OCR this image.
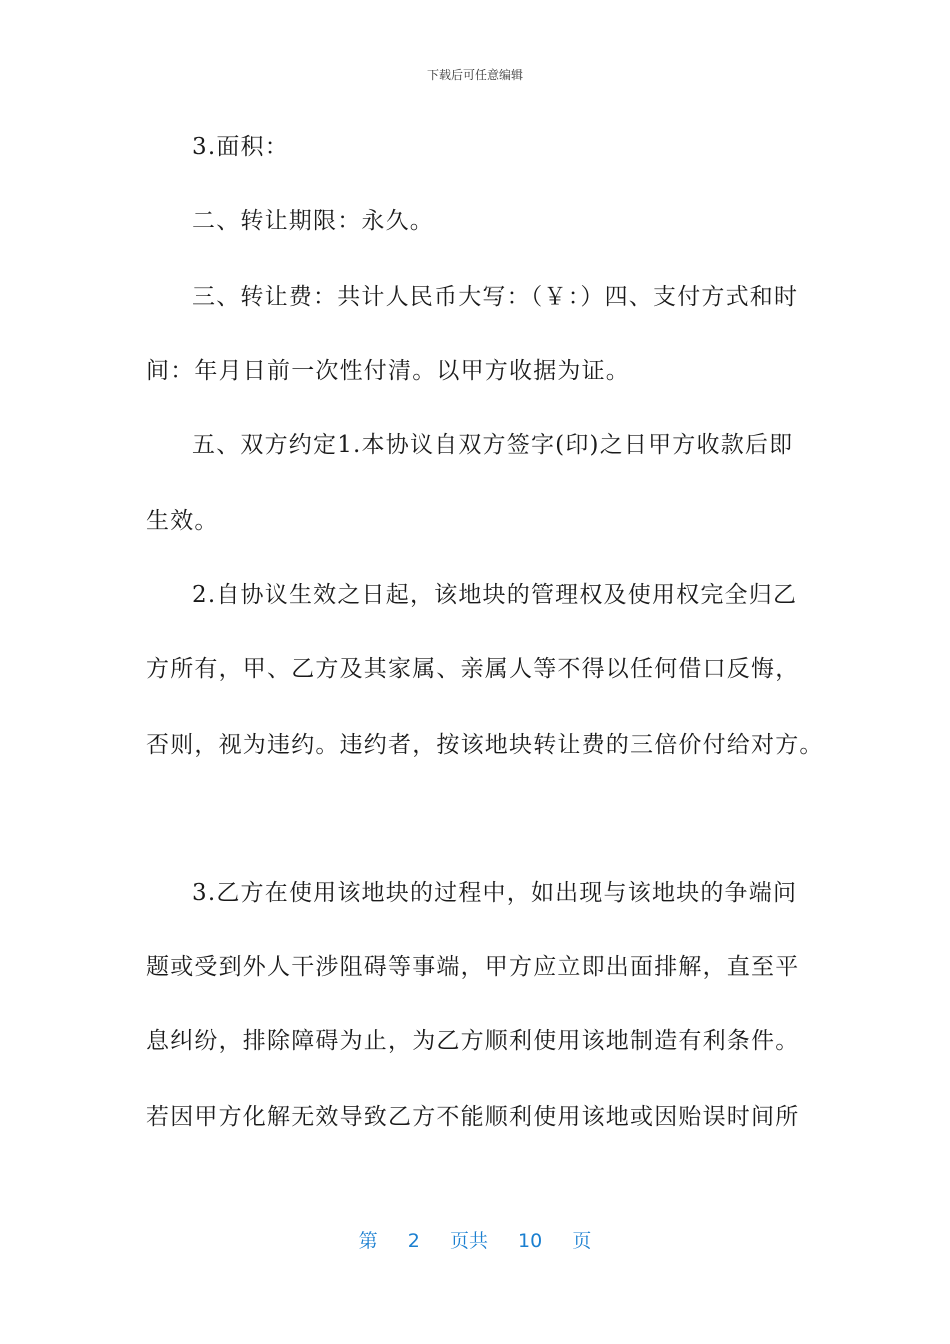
下载后可任意编辑
3.面积：
二、转让期限：永久。
三、转让费：共计人民币大写：（￥：）四、支付方式和时
间：年月日前一次性付清。以甲方收据为证。
五、双方约定1.本协议自双方签字(印)之日甲方收款后即
生效。
2.自协议生效之日起，该地块的管理权及使用权完全归乙
方所有，甲、乙方及其家属、亲属人等不得以任何借口反悔，
否则，视为违约。违约者，按该地块转让费的三倍价付给对方。
3.乙方在使用该地块的过程中，如出现与该地块的争端问
题或受到外人干涉阻碍等事端，甲方应立即出面排解，直至平
息纠纷，排除障碍为止，为乙方顺利使用该地制造有利条件。
若因甲方化解无效导致乙方不能顺利使用该地或因贻误时间所
第 2 页共 10 页
